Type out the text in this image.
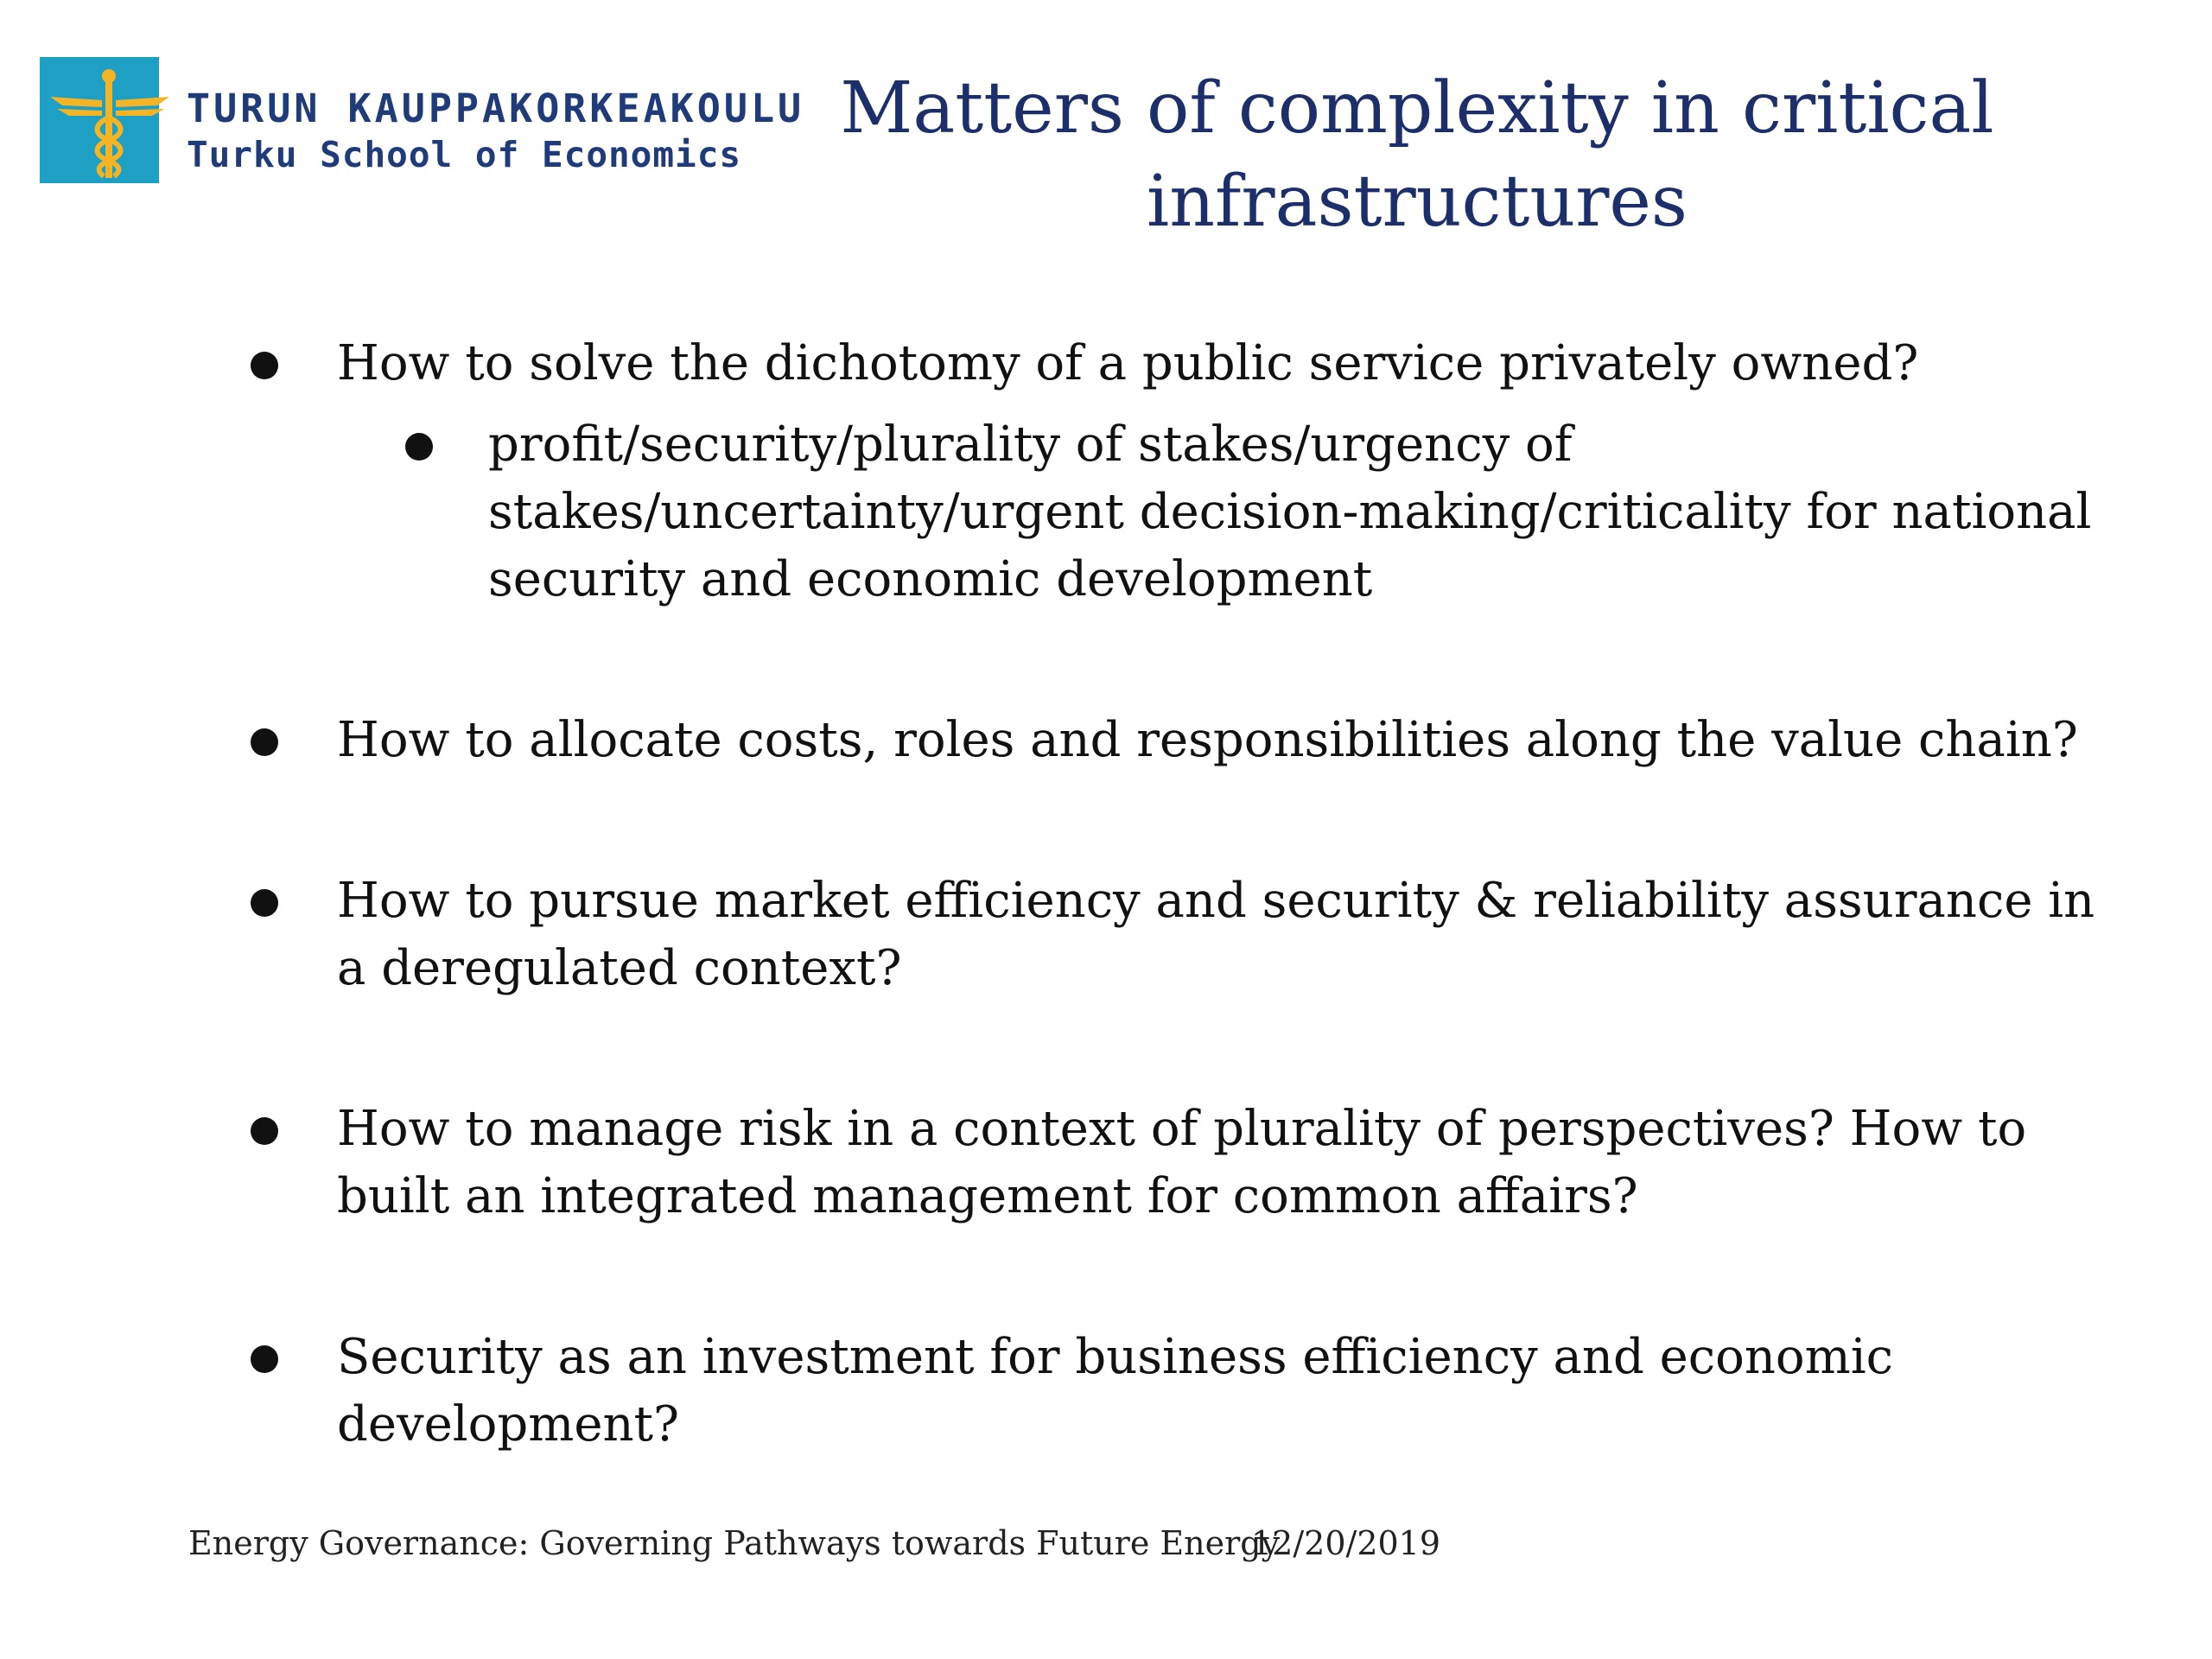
TURUN KAUPPAKORKEAKOULU
Turku School of Economics
Matters of complexity in critical
infrastructures
How to solve the dichotomy of a public service privately owned?
profit/security/plurality of stakes/urgency of stakes/uncertainty/urgent decision-making/criticality for national security and economic development
How to allocate costs, roles and responsibilities along the value chain?
How to pursue market efficiency and security & reliability assurance in a deregulated context?
How to manage risk in a context of plurality of perspectives? How to built an integrated management for common affairs?
Security as an investment for business efficiency and economic development?
Energy Governance: Governing Pathways towards Future Energy
12/20/2019
